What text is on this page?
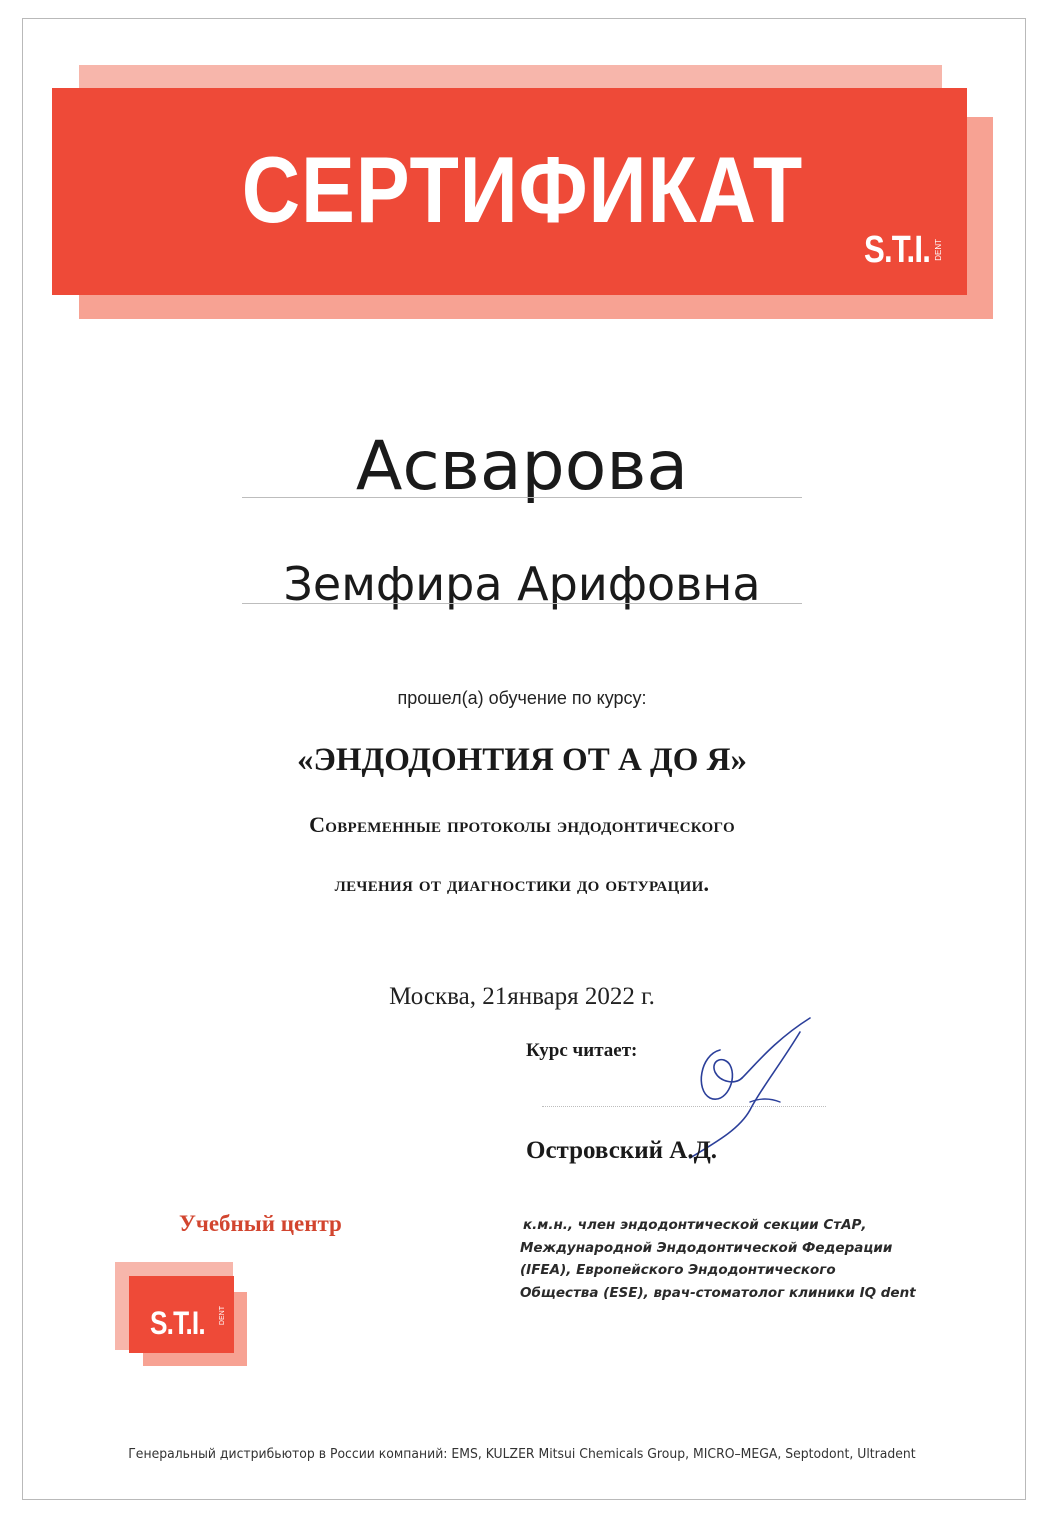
СЕРТИФИКАТ
S.T.I. DENT
Асварова
Земфира Арифовна
прошел(а) обучение по курсу:
«ЭНДОДОНТИЯ ОТ А ДО Я»
Современные протоколы эндодонтического
лечения от диагностики до обтурации.
Москва, 21января 2022 г.
Курс читает:
Островский А.Д.
к.м.н., член эндодонтической секции СтАР,
Международной Эндодонтической Федерации
(IFEA), Европейского Эндодонтического
Общества (ESE), врач-стоматолог клиники IQ dent
Учебный центр
S.T.I. DENT
Генеральный дистрибьютор в России компаний: EMS, KULZER Mitsui Chemicals Group, MICRO–MEGA, Septodont, Ultradent
